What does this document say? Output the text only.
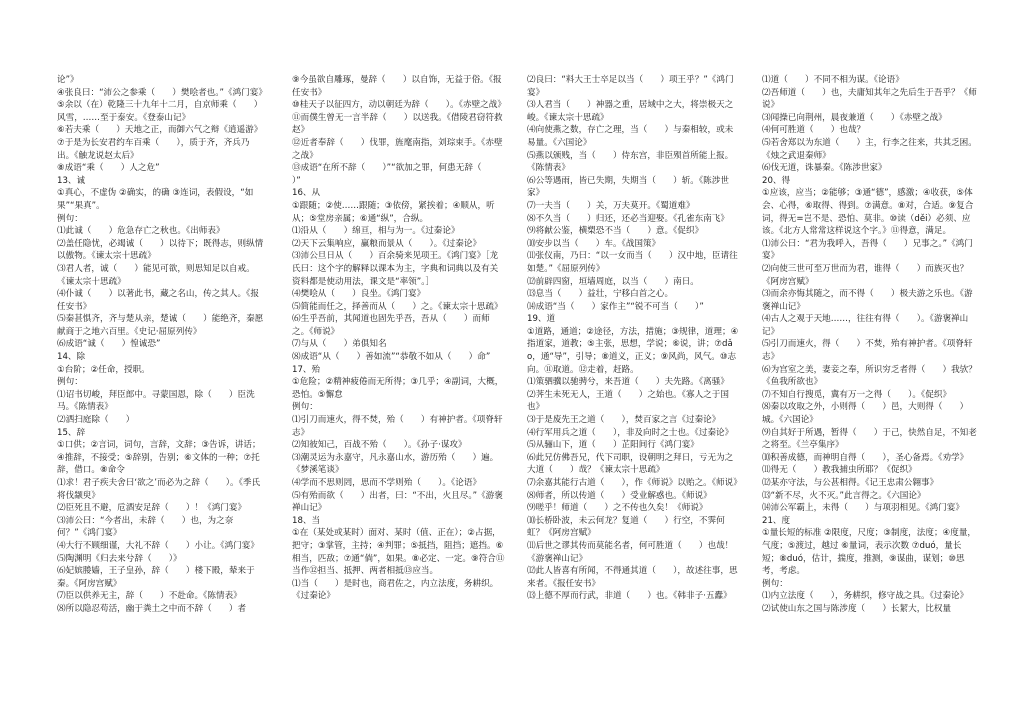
论”》
④张良曰：“沛公之参乘（　　）樊哙者也。”《鸿门宴》
⑤余以（在）乾隆三十九年十二月，自京师乘（　　）风雪，……至于泰安。《登泰山记》
⑥若夫乘（　　）天地之正，而御六气之辩《逍遥游》
⑦于是为长安君约车百乘（　　），质于齐，齐兵乃出。《触龙说赵太后》
⑧成语“乘（　　）人之危”
13、诚
①真心，不虚伪 ②确实，的确 ③连词，表假设，“如果”“果真”。
例句：
⑴此诚（　　）危急存亡之秋也。《出师表》
⑵盖任隐忧，必竭诚（　　）以待下；既得志，则纵情以傲物。《谏太宗十思疏》
⑶君人者，诚（　　）能见可欲，则思知足以自戒。《谏太宗十思疏》
⑷仆诚（　　）以著此书，藏之名山，传之其人。《报任安书》
⑸秦甚惧齐，齐与楚从亲，楚诚（　　）能绝齐，秦愿献商于之地六百里。《史记·屈原列传》
⑹成语“诚（　　）惶诚恐”
14、除
①台阶；②任命，授职。
例句：
⑴诏书切峻，拜臣郎中。寻蒙国恩，除（　　）臣洗马。《陈情表》
⑵洒扫庭除（　　）
15、辞
①口供；②言词，词句，言辞，文辞；③告诉，讲话；④推辞，不接受；⑤辞别，告别；⑥文体的一种；⑦托辞，借口。⑧命令
⑴求！君子疾夫舍曰‘欲之’而必为之辞（　　）。《季氏将伐颛臾》
⑵臣死且不避，卮酒安足辞（　　）！《鸿门宴》
⑶沛公曰：“今者出，未辞（　　）也，为之奈何？”《鸿门宴》
⑷大行不顾细谨，大礼不辞（　　）小让。《鸿门宴》
⑸陶渊明《归去来兮辞（　　）》
⑹妃嫔媵嫱，王子皇孙，辞（　　）楼下殿，辇来于秦。《阿房宫赋》
⑺臣以供养无主，辞（　　）不赴命。《陈情表》
⑻所以隐忍苟活，幽于粪土之中而不辞（　　）者
⑨今虽欲自雕琢，曼辞（　　）以自饰，无益于俗。《报任安书》
⑩桂天子以征四方，动以朝廷为辞（　　）。《赤壁之战》
⑪而僕生曾无一言半辞（　　）以送我。《借陵君窃符救赵》
⑫近者奉辞（　　）伐罪，旌麾南指，刘琮束手。《赤壁之战》
⑬成语“在所不辞（　　）”“欲加之罪，何患无辞（　　）”
16、从
①跟随；②使……跟随；③依傍，紧挨着；④顺从，听从；⑤堂房亲属；⑥通“纵”，合纵。
⑴沿从（　　）绵亘，相与为一。《过秦论》
⑵天下云集响应，赢粮而景从（　　）。《过秦论》
⑶沛公旦日从（　　）百余骑来见项王。《鸿门宴》［龙氏曰：这个字的解释以课本为主，字典和词典以及有关资料都是使动用法，课文是“率领”。］
⑷樊哙从（　　）良坐。《鸿门宴》
⑸简能而任之，择善而从（　　）之。《谏太宗十思疏》
⑹生乎吾前，其闻道也固先乎吾，吾从（　　）而师之。《师说》
⑺与从（　　）弟俱知名
⑻成语“从（　　）善如流”“恭敬不如从（　　）命”
17、殆
①危险；②精神疲倦而无所得；③几乎；④副词，大概，恐怕。⑤懈怠
例句：
⑴引刀而速火，得不焚，殆（　　）有神护者。《项脊轩志》
⑵知彼知己，百战不殆（　　）。《孙子·谋攻》
⑶潮灵运为永嘉守，凡永嘉山水，游历殆（　　）遍。《梦溪笔谈》
⑷学而不思则罔，思而不学则殆（　　）。《论语》
⑸有殆而欲（　　）出者，曰：“不出，火且尽。”《游褒禅山记》
18、当
①在（某处或某时）面对、某时（值、正在）；②占据，把守；③掌管，主持；④判罪；⑤抵挡，阻挡；遮挡。⑥相当，匹敌；⑦通“倘”，如果。⑧必定、一定。⑨符合⑪当作⑫担当、抵押、两者相抵⑬应当。
⑴当（　　）是时也，商君佐之，内立法度，务耕织。《过秦论》
⑵良曰：“料大王士卒足以当（　　）项王乎？”《鸿门宴》
⑶人君当（　　）神器之重，居域中之大，将崇极天之峻。《谏太宗十思疏》
⑷向使燕之数，存亡之理，当（　　）与秦相较，或未易量。《六国论》
⑸燕以颁贱，当（　　）侍东宫，非臣殒首所能上报。《陈情表》
⑹公等遇雨，皆已失期，失期当（　　）斩。《陈涉世家》
⑺一夫当（　　）关，万夫莫开。《蜀道难》
⑻不久当（　　）归还，还必当迎娶。《孔雀东南飞》
⑼将献公鉴，横槊恐不当（　　）意。《促织》
⑽安步以当（　　）车。《战国策》
⑾张仪南，乃曰：“以一女而当（　　）汉中地，臣请往如楚。”《屈原列传》
⑿前辟四窗，垣墙周庭，以当（　　）南日。
⒀息当（　　）益壮，宁移白首之心。
⒁成语“当（　　）家作主”“锐不可当（　　）”
19、道
①道路，通道；②途径，方法，措施；③规律，道理；④指道家，道教；⑤主张，思想，学说；⑥说，讲；⑦dǎo，通“导”，引导；⑧道义，正义；⑨风尚，风气。⑩志向。⑪取道。⑫走着，赶路。
⑴策驷骥以驰骋兮，来吾道（　　）夫先路。《离骚》
⑵荠生未死无人，王道（　　）之始也。《寡人之于国也》
⑶于是废先王之道（　　），焚百家之言《过秦论》
⑷行军用兵之道（　　），非及向时之士也。《过秦论》
⑸从骊山下，道（　　）芷阳间行《鸿门宴》
⑹此兄仿佛吾兄，代下司职，设朝明之拜日，亏无为之大道（　　）哉？《谏太宗十思疏》
⑺余嘉其能行古道（　　），作《师说》以贻之。《师说》
⑻师者，所以传道（　　）受业解惑也。《师说》
⑼嗟乎！师道（　　）之不传也久矣！《师说》
⑽长桥卧波，未云何龙？复道（　　）行空，不霁何虹？《阿房宫赋》
⑾后世之谬其传而莫能名者，何可胜道（　　）也哉！《游褒禅山记》
⑿此人皆喜有所闻，不得通其道（　　），故述往事，思来者。《报任安书》
⒀上德不厚而行武，非道（　　）也。《韩非子·五蠹》
⑴道（　　）不同不相为谋。《论语》
⑵吾师道（　　）也，夫庸知其年之先后生于吾乎？《师说》
⑶闻操已向荆州，晨夜兼道（　　）《赤壁之战》
⑷何可胜道（　　）也哉？
⑸若舍郑以为东道（　　）主，行李之往来，共其乏困。《烛之武退秦师》
⑹伐无道，诛暴秦。《陈涉世家》
20、得
①应该，应当；②能够；③通“德”，感激；④收获，⑤体会、心得，⑥取得、得到。⑦满意。⑧对，合适。⑨复合词，得无=岂不是、恐怕、莫非。⑩读（děi）必须、应该。《北方人常常这样说这个字。》⑪得意，满足。
⑴沛公曰：“君为我呼入，吾得（　　）兄事之。”《鸿门宴》
⑵向使三世可至万世而为君，谁得（　　）而族灭也？《阿房宫赋》
⑶而余亦悔其随之，而不得（　　）极夫游之乐也。《游褒禅山记》
⑷古人之观于天地……，往往有得（　　）。《游褒禅山记》
⑸引刀而速火，得（　　）不焚，殆有神护者。《项脊轩志》
⑹为宫室之美，妻妾之奉，所识穷乏者得（　　）我欤？《鱼我所欲也》
⑺不知自行搜觅，冀有万一之得（　　）。《促织》
⑻秦以攻取之外，小则得（　　）邑，大则得（　　）城。《六国论》
⑼自其好于所遇，暂得（　　）于己，快然自足，不知老之将至。《兰亭集序》
⑽积善成德，而神明自得（　　），圣心备焉。《劝学》
⑾得无（　　）教我捕虫所耶？《促织》
⑿某亦守法，与公甚相得。《记王忠肃公翱事》
⒀“新不尽，火不灭。”此言得之。《六国论》
⒁沛公军霸上，未得（　　）与项羽相见。《鸿门宴》
21、度
①量长短的标准 ②限度，尺度；③制度，法度；④度量，气度；⑤渡过，越过 ⑥量词，表示次数 ⑦duó，量长短；⑧duó，估计，揣度，推测，⑨谋曲，谋划；⑩思考，考虑。
例句：
⑴内立法度（　　），务耕织，修守战之具。《过秦论》
⑵试使山东之国与陈涉度（　　）长絜大，比权量
